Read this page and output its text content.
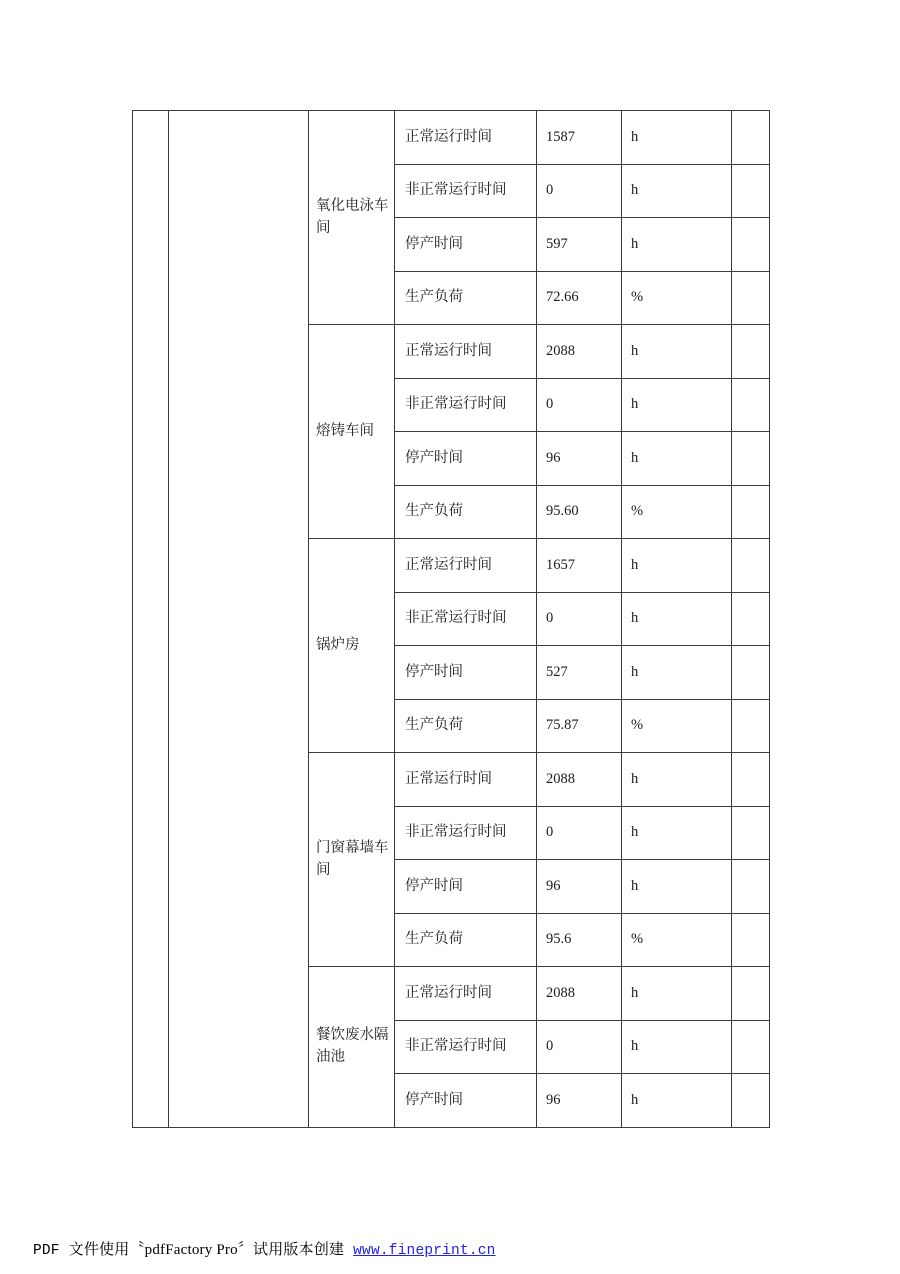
		氧化电泳车间	正常运行时间	1587	h	
			非正常运行时间	0	h	
			停产时间	597	h	
			生产负荷	72.66	%	
		熔铸车间	正常运行时间	2088	h	
			非正常运行时间	0	h	
			停产时间	96	h	
			生产负荷	95.60	%	
		锅炉房	正常运行时间	1657	h	
			非正常运行时间	0	h	
			停产时间	527	h	
			生产负荷	75.87	%	
		门窗幕墙车间	正常运行时间	2088	h	
			非正常运行时间	0	h	
			停产时间	96	h	
			生产负荷	95.6	%	
		餐饮废水隔油池	正常运行时间	2088	h	
			非正常运行时间	0	h	
			停产时间	96	h	
PDF 文件使用〝pdfFactory Pro〞试用版本创建 www.fineprint.cn
